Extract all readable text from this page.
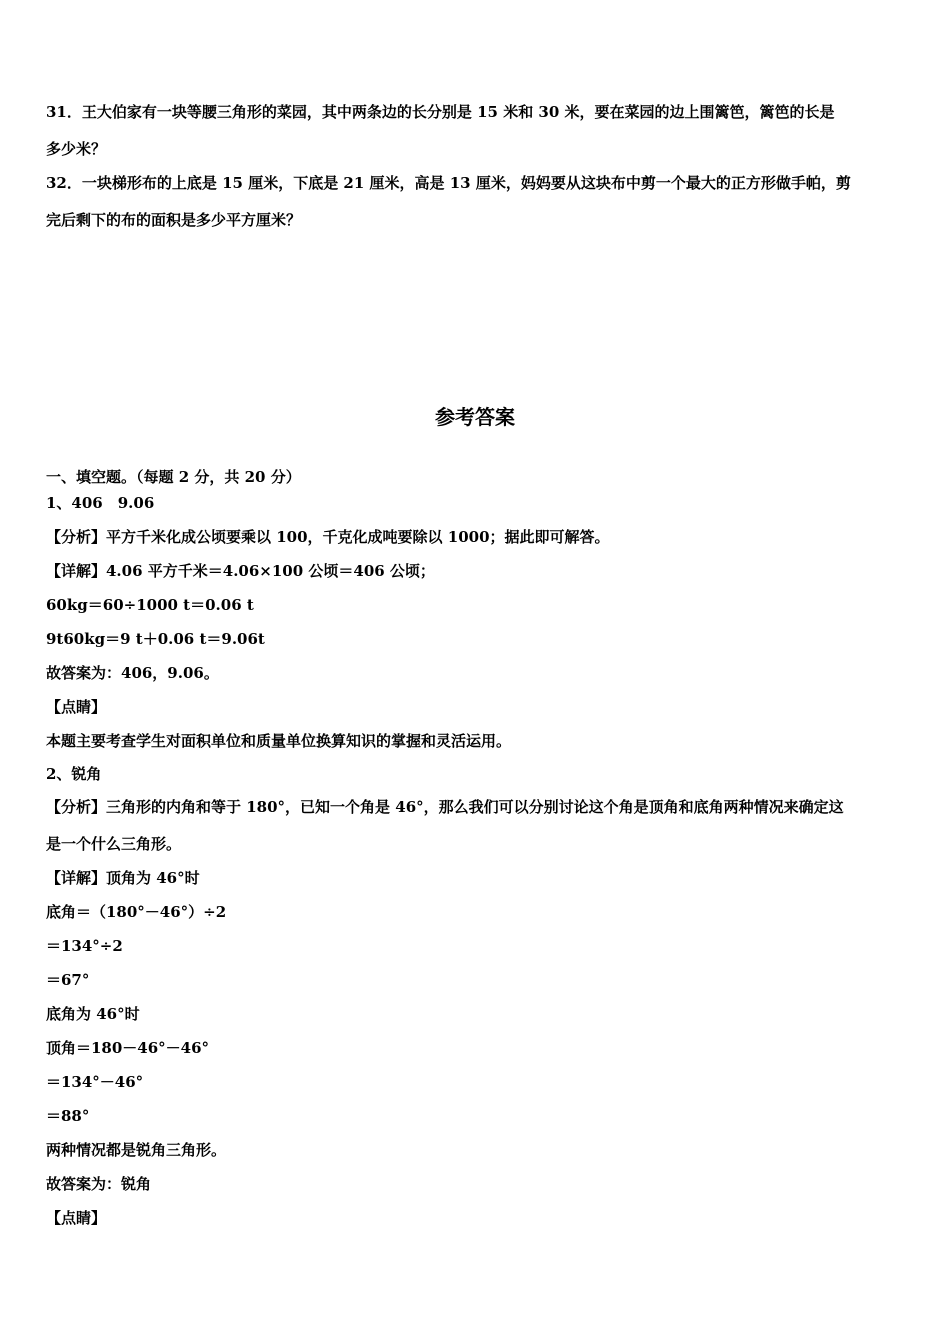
31．王大伯家有一块等腰三角形的菜园，其中两条边的长分别是 15 米和 30 米，要在菜园的边上围篱笆，篱笆的长是
多少米？
32．一块梯形布的上底是 15 厘米，下底是 21 厘米，高是 13 厘米，妈妈要从这块布中剪一个最大的正方形做手帕，剪
完后剩下的布的面积是多少平方厘米？
参考答案
一、填空题。（每题 2 分，共 20 分）
1、406　9.06
【分析】平方千米化成公顷要乘以 100，千克化成吨要除以 1000；据此即可解答。
【详解】4.06 平方千米＝4.06×100 公顷＝406 公顷；
60kg＝60÷1000 t＝0.06 t
9t60kg＝9 t＋0.06 t＝9.06t
故答案为：406，9.06。
【点睛】
本题主要考查学生对面积单位和质量单位换算知识的掌握和灵活运用。
2、锐角
【分析】三角形的内角和等于 180°，已知一个角是 46°，那么我们可以分别讨论这个角是顶角和底角两种情况来确定这
是一个什么三角形。
【详解】顶角为 46°时
底角＝（180°－46°）÷2
＝134°÷2
＝67°
底角为 46°时
顶角＝180－46°－46°
＝134°－46°
＝88°
两种情况都是锐角三角形。
故答案为：锐角
【点睛】
